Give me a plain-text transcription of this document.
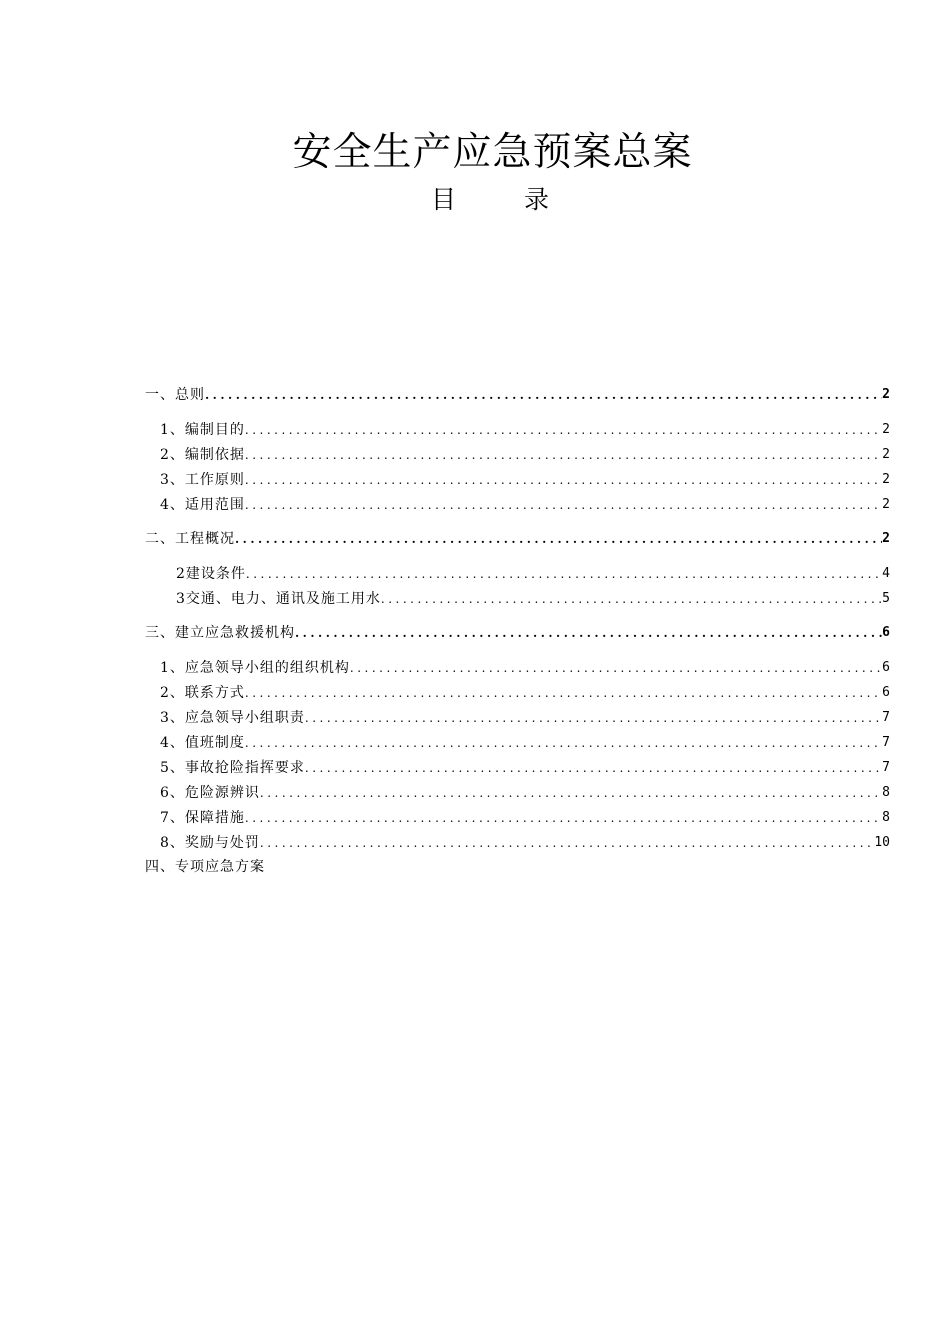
安全生产应急预案总案
目 录
一、总则 .....	2
1、编制目的 .....	2
2、编制依据 .....	2
3、工作原则 .....	2
4、适用范围 .....	2
二、工程概况 .....	2
2建设条件 .....	4
3交通、电力、通讯及施工用水 .....	5
三、建立应急救援机构 .....	6
1、应急领导小组的组织机构 .....	6
2、联系方式 .....	6
3、应急领导小组职责 .....	7
4、值班制度 .....	7
5、事故抢险指挥要求 .....	7
6、危险源辨识 .....	8
7、保障措施 .....	8
8、奖励与处罚 .....	10
四、专项应急方案
